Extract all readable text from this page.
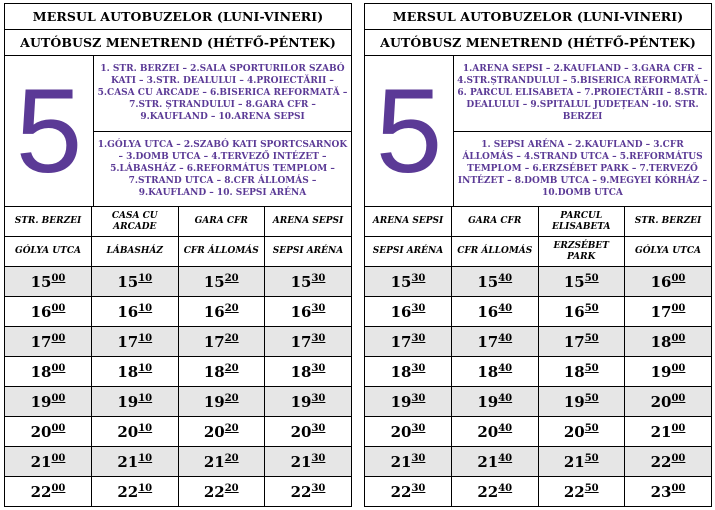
MERSUL AUTOBUZELOR (LUNI-VINERI)
AUTÓBUSZ MENETREND (HÉTFŐ-PÉNTEK)
5	1. STR. BERZEI – 2.SALA SPORTURILOR SZABÓ KATI – 3.STR. DEALULUI – 4.PROIECTĂRII – 5.CASA CU ARCADE – 6.BISERICA REFORMATĂ – 7.STR. ȘTRANDULUI – 8.GARA CFR – 9.KAUFLAND – 10.ARENA SEPSI
1.GÓLYA UTCA – 2.SZABÓ KATI SPORTCSARNOK – 3.DOMB UTCA – 4.TERVEZŐ INTÉZET – 5.LÁBASHÁZ – 6.REFORMÁTUS TEMPLOM – 7.STRAND UTCA – 8.CFR ÁLLOMÁS – 9.KAUFLAND – 10. SEPSI ARÉNA
STR. BERZEI	CASA CU ARCADE	GARA CFR	ARENA SEPSI
GÓLYA UTCA	LÁBASHÁZ	CFR ÁLLOMÁS	SEPSI ARÉNA
$15^{00}$	$15^{10}$	$15^{20}$	$15^{30}$
$16^{00}$	$16^{10}$	$16^{20}$	$16^{30}$
$17^{00}$	$17^{10}$	$17^{20}$	$17^{30}$
$18^{00}$	$18^{10}$	$18^{20}$	$18^{30}$
$19^{00}$	$19^{10}$	$19^{20}$	$19^{30}$
$20^{00}$	$20^{10}$	$20^{20}$	$20^{30}$
$21^{00}$	$21^{10}$	$21^{20}$	$21^{30}$
$22^{00}$	$22^{10}$	$22^{20}$	$22^{30}$
MERSUL AUTOBUZELOR (LUNI-VINERI)
AUTÓBUSZ MENETREND (HÉTFŐ-PÉNTEK)
5	1.ARENA SEPSI – 2.KAUFLAND – 3.GARA CFR – 4.STR.ȘTRANDULUI – 5.BISERICA REFORMATĂ – 6. PARCUL ELISABETA – 7.PROIECTĂRII – 8.STR. DEALULUI – 9.SPITALUL JUDEȚEAN -10. STR. BERZEI
1. SEPSI ARÉNA – 2.KAUFLAND – 3.CFR ÁLLOMÁS – 4.STRAND UTCA – 5.REFORMÁTUS TEMPLOM – 6.ERZSÉBET PARK – 7.TERVEZŐ INTÉZET – 8.DOMB UTCA – 9.MEGYEI KÓRHÁZ – 10.DOMB UTCA
ARENA SEPSI	GARA CFR	PARCUL ELISABETA	STR. BERZEI
SEPSI ARÉNA	CFR ÁLLOMÁS	ERZSÉBET PARK	GÓLYA UTCA
$15^{30}$	$15^{40}$	$15^{50}$	$16^{00}$
$16^{30}$	$16^{40}$	$16^{50}$	$17^{00}$
$17^{30}$	$17^{40}$	$17^{50}$	$18^{00}$
$18^{30}$	$18^{40}$	$18^{50}$	$19^{00}$
$19^{30}$	$19^{40}$	$19^{50}$	$20^{00}$
$20^{30}$	$20^{40}$	$20^{50}$	$21^{00}$
$21^{30}$	$21^{40}$	$21^{50}$	$22^{00}$
$22^{30}$	$22^{40}$	$22^{50}$	$23^{00}$
